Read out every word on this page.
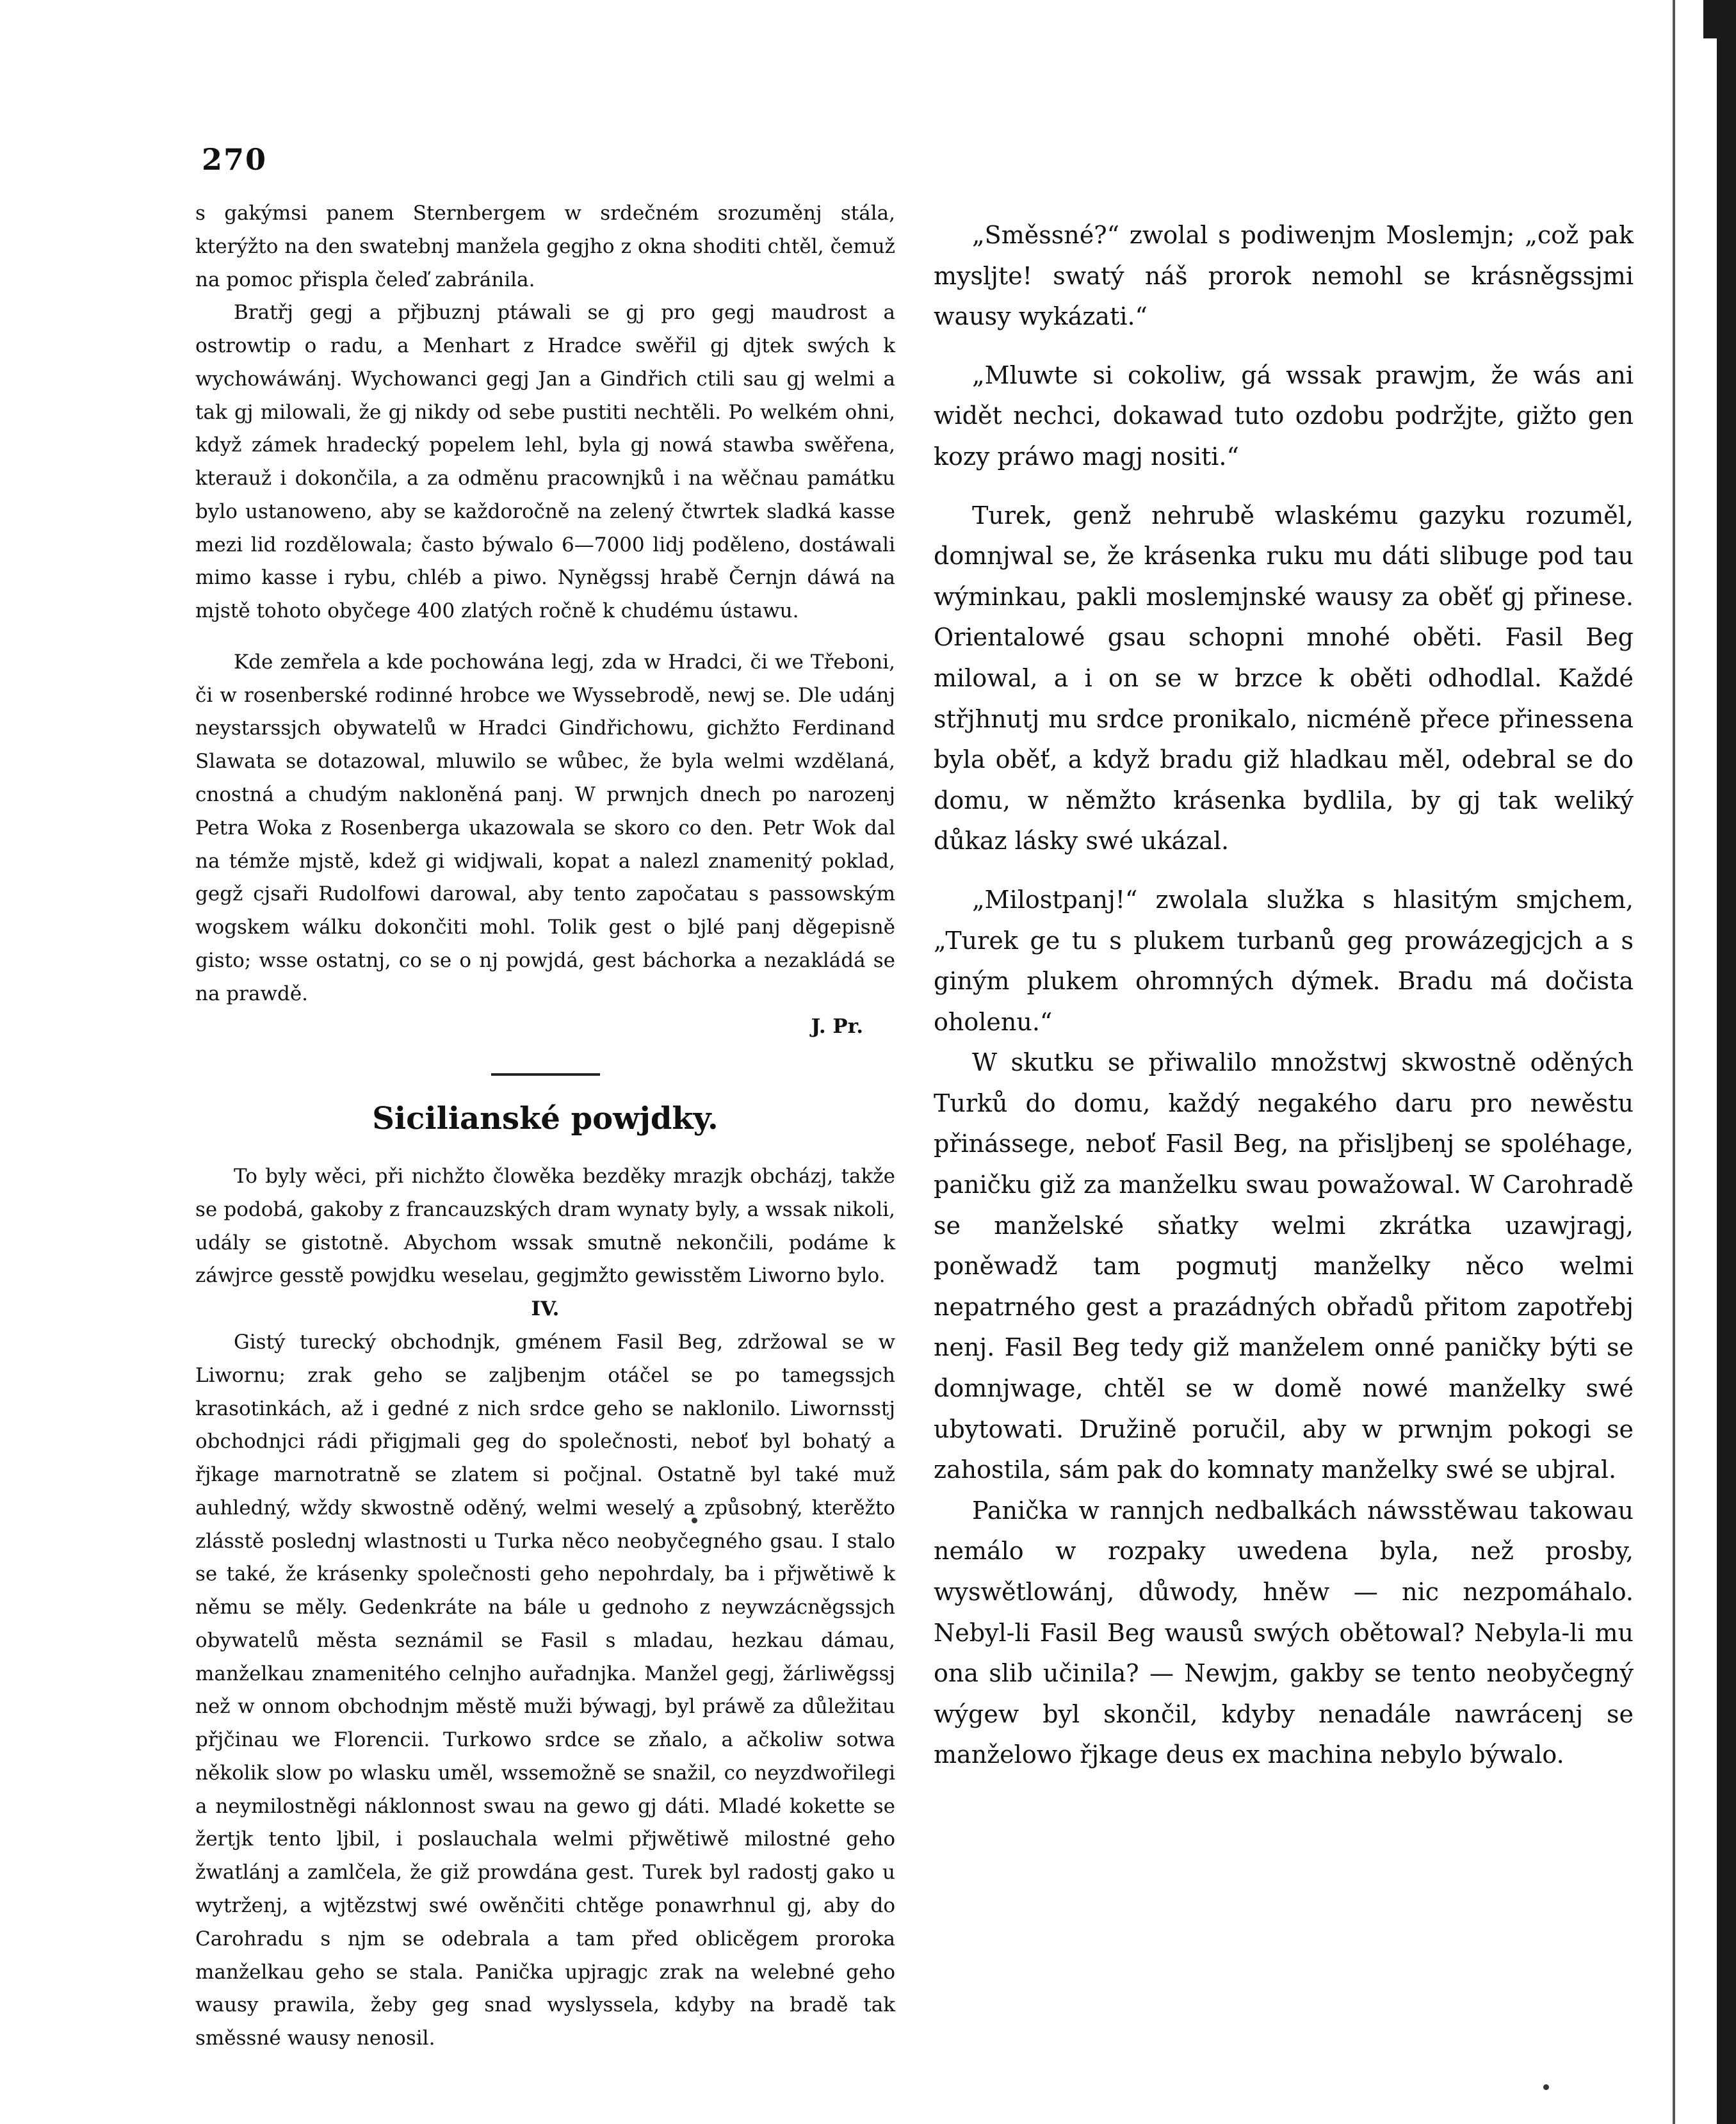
270

s gakýmsi panem Sternbergem w srdečném srozuměnj stála, kterýžto na den swatebnj manžela gegjho z okna shoditi chtěl, čemuž na pomoc přispla čeleď zabránila.

Bratřj gegj a přjbuznj ptáwali se gj pro gegj maudrost a ostrowtip o radu, a Menhart z Hradce swěřil gj djtek swých k wychowáwánj. Wychowanci gegj Jan a Gindřich ctili sau gj welmi a tak gj milowali, že gj nikdy od sebe pustiti nechtěli. Po welkém ohni, když zámek hradecký popelem lehl, byla gj nowá stawba swěřena, kterauž i dokončila, a za odměnu pracownjků i na wěčnau památku bylo ustanoweno, aby se každoročně na zelený čtwrtek sladká kasse mezi lid rozdělowala; často býwalo 6—7000 lidj poděleno, dostáwali mimo kasse i rybu, chléb a piwo. Nyněgssj hrabě Černjn dáwá na mjstě tohoto obyčege 400 zlatých ročně k chudému ústawu.

Kde zemřela a kde pochowána legj, zda w Hradci, či we Třeboni, či w rosenberské rodinné hrobce we Wyssebrodě, newj se. Dle udánj neystarssjch obywatelů w Hradci Gindřichowu, gichžto Ferdinand Slawata se dotazowal, mluwilo se wůbec, že byla welmi wzdělaná, cnostná a chudým nakloněná panj. W prwnjch dnech po narozenj Petra Woka z Rosenberga ukazowala se skoro co den. Petr Wok dal na témže mjstě, kdež gi widjwali, kopat a nalezl znamenitý poklad, gegž cjsaři Rudolfowi darowal, aby tento započatau s passowským wogskem wálku dokončiti mohl. Tolik gest o bjlé panj děgepisně gisto; wsse ostatnj, co se o nj powjdá, gest báchorka a nezakládá se na prawdě.

J. Pr.

Sicilianské powjdky.

To byly wěci, při nichžto člowěka bezděky mrazjk obcházj, takže se podobá, gakoby z francauzských dram wynaty byly, a wssak nikoli, udály se gistotně. Abychom wssak smutně nekončili, podáme k záwjrce gesstě powjdku weselau, gegjmžto gewisstěm Liworno bylo.

IV.

Gistý turecký obchodnjk, gménem Fasil Beg, zdržowal se w Liwornu; zrak geho se zaljbenjm otáčel se po tamegssjch krasotinkách, až i gedné z nich srdce geho se naklonilo. Liwornsstj obchodnjci rádi přigjmali geg do společnosti, neboť byl bohatý a řjkage marnotratně se zlatem si počjnal. Ostatně byl také muž auhledný, wždy skwostně oděný, welmi weselý a způsobný, kterěžto zlásstě poslednj wlastnosti u Turka něco neobyčegného gsau. I stalo se také, že krásenky společnosti geho nepohrdaly, ba i přjwětiwě k němu se měly. Gedenkráte na bále u gednoho z neywzácněgssjch obywatelů města seznámil se Fasil s mladau, hezkau dámau, manželkau znamenitého celnjho auřadnjka. Manžel gegj, žárliwěgssj než w onnom obchodnjm městě muži býwagj, byl práwě za důležitau přjčinau we Florencii. Turkowo srdce se zňalo, a ačkoliw sotwa několik slow po wlasku uměl, wssemožně se snažil, co neyzdwořilegi a neymilostněgi náklonnost swau na gewo gj dáti. Mladé kokette se žertjk tento ljbil, i poslauchala welmi přjwětiwě milostné geho žwatlánj a zamlčela, že giž prowdána gest. Turek byl radostj gako u wytrženj, a wjtězstwj swé owěnčiti chtěge ponawrhnul gj, aby do Carohradu s njm se odebrala a tam před oblicěgem proroka manželkau geho se stala. Panička upjragjc zrak na welebné geho wausy prawila, žeby geg snad wyslyssela, kdyby na bradě tak směssné wausy nenosil.

„Směssné?“ zwolal s podiwenjm Moslemjn; „což pak mysljte! swatý náš prorok nemohl se krásněgssjmi wausy wykázati.“

„Mluwte si cokoliw, gá wssak prawjm, že wás ani widět nechci, dokawad tuto ozdobu podržjte, gižto gen kozy práwo magj nositi.“

Turek, genž nehrubě wlaskému gazyku rozuměl, domnjwal se, že krásenka ruku mu dáti slibuge pod tau wýminkau, pakli moslemjnské wausy za oběť gj přinese. Orientalowé gsau schopni mnohé oběti. Fasil Beg milowal, a i on se w brzce k oběti odhodlal. Každé střjhnutj mu srdce pronikalo, nicméně přece přinessena byla oběť, a když bradu giž hladkau měl, odebral se do domu, w němžto krásenka bydlila, by gj tak weliký důkaz lásky swé ukázal.

„Milostpanj!“ zwolala služka s hlasitým smjchem, „Turek ge tu s plukem turbanů geg prowázegjcjch a s giným plukem ohromných dýmek. Bradu má dočista oholenu.“

W skutku se přiwalilo množstwj skwostně oděných Turků do domu, každý negakého daru pro newěstu přinássege, neboť Fasil Beg, na přisljbenj se spoléhage, paničku giž za manželku swau powažowal. W Carohradě se manželské sňatky welmi zkrátka uzawjragj, poněwadž tam pogmutj manželky něco welmi nepatrného gest a prazádných obřadů přitom zapotřebj nenj. Fasil Beg tedy giž manželem onné paničky býti se domnjwage, chtěl se w domě nowé manželky swé ubytowati. Družině poručil, aby w prwnjm pokogi se zahostila, sám pak do komnaty manželky swé se ubjral.

Panička w rannjch nedbalkách náwsstěwau takowau nemálo w rozpaky uwedena byla, než prosby, wyswětlowánj, důwody, hněw — nic nezpomáhalo. Nebyl-li Fasil Beg wausů swých obětowal? Nebyla-li mu ona slib učinila? — Newjm, gakby se tento neobyčegný wýgew byl skončil, kdyby nenadále nawrácenj se manželowo řjkage deus ex machina nebylo býwalo.
